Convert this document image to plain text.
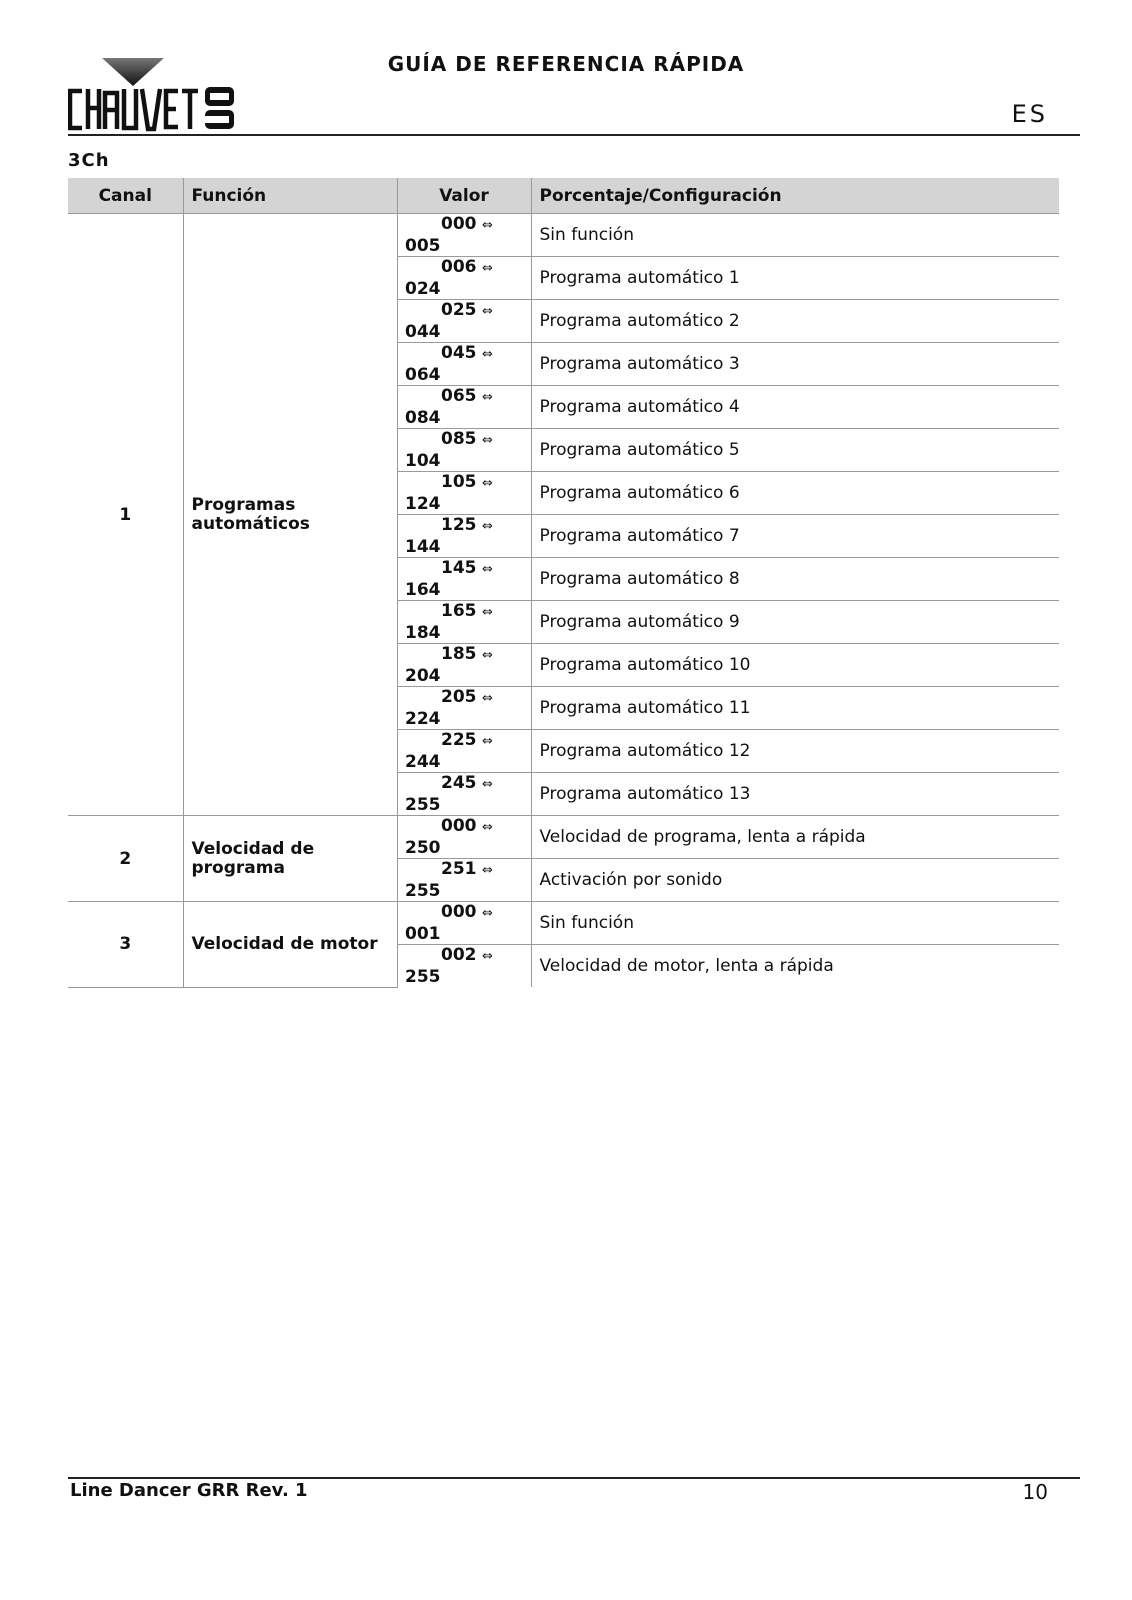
GUÍA DE REFERENCIA RÁPIDA
ES
3Ch
Canal	Función	Valor	Porcentaje/Configuración
1	Programas automáticos	000 ⇔005	Sin función
		006 ⇔024	Programa automático 1
		025 ⇔044	Programa automático 2
		045 ⇔064	Programa automático 3
		065 ⇔084	Programa automático 4
		085 ⇔104	Programa automático 5
		105 ⇔124	Programa automático 6
		125 ⇔144	Programa automático 7
		145 ⇔164	Programa automático 8
		165 ⇔184	Programa automático 9
		185 ⇔204	Programa automático 10
		205 ⇔224	Programa automático 11
		225 ⇔244	Programa automático 12
		245 ⇔255	Programa automático 13
2	Velocidad de programa	000 ⇔250	Velocidad de programa, lenta a rápida
		251 ⇔255	Activación por sonido
3	Velocidad de motor	000 ⇔001	Sin función
		002 ⇔255	Velocidad de motor, lenta a rápida
Line Dancer GRR Rev. 1	10
